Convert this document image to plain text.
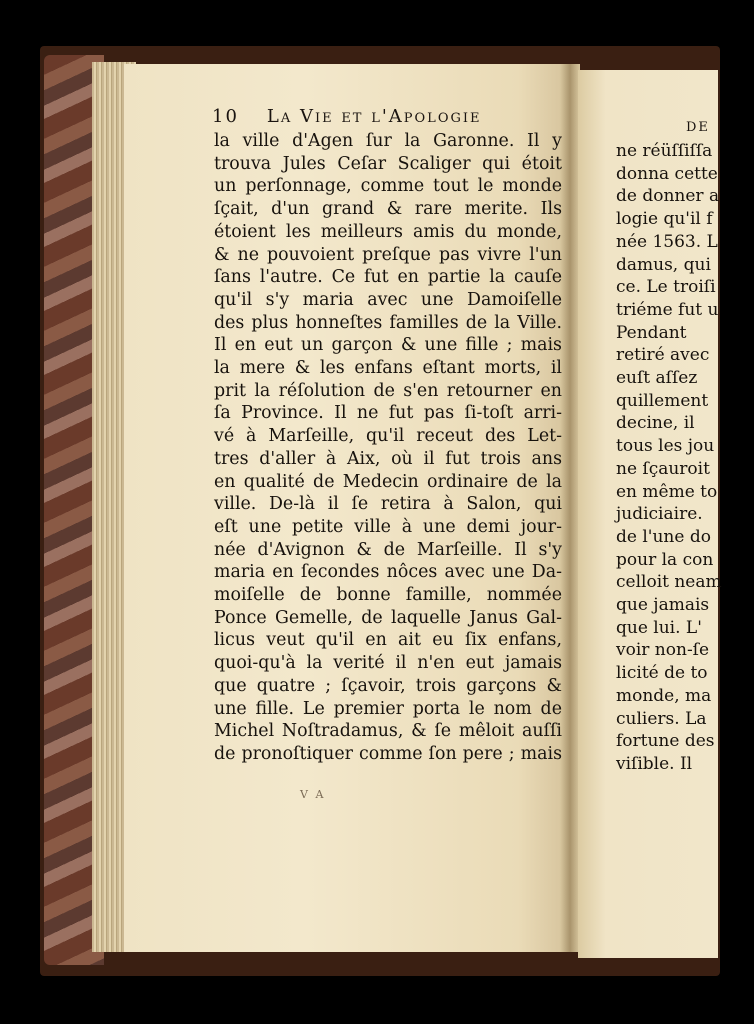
10 La Vie et l'Apologie
la ville d'Agen ſur la Garonne. Il y
trouva Jules Ceſar Scaliger qui étoit
un perſonnage, comme tout le monde
ſçait, d'un grand & rare merite. Ils
étoient les meilleurs amis du monde,
& ne pouvoient preſque pas vivre l'un
ſans l'autre. Ce fut en partie la cauſe
qu'il s'y maria avec une Damoiſelle
des plus honneſtes familles de la Ville.
Il en eut un garçon & une fille ; mais
la mere & les enfans eſtant morts, il
prit la réſolution de s'en retourner en
ſa Province. Il ne fut pas ſi-toſt arri-
vé à Marſeille, qu'il receut des Let-
tres d'aller à Aix, où il fut trois ans
en qualité de Medecin ordinaire de la
ville. De-là il ſe retira à Salon, qui
eſt une petite ville à une demi jour-
née d'Avignon & de Marſeille. Il s'y
maria en ſecondes nôces avec une Da-
moiſelle de bonne famille, nommée
Ponce Gemelle, de laquelle Janus Gal-
licus veut qu'il en ait eu ſix enfans,
quoi-qu'à la verité il n'en eut jamais
que quatre ; ſçavoir, trois garçons &
une fille. Le premier porta le nom de
Michel Noſtradamus, & ſe mêloit auſſi
de pronoſtiquer comme ſon pere ; mais
V A
DE
ne réüſſiſſa
donna cette
de donner a
logie qu'il f
née 1563. L
damus, qui
ce. Le troiſi
triéme fut u
Pendant
retiré avec
euſt aſſez
quillement
decine, il
tous les jou
ne ſçauroit
en même to
judiciaire.
de l'une do
pour la con
celloit neam
que jamais
que lui. L'
voir non-ſe
licité de to
monde, ma
culiers. La
fortune des
viſible. Il
